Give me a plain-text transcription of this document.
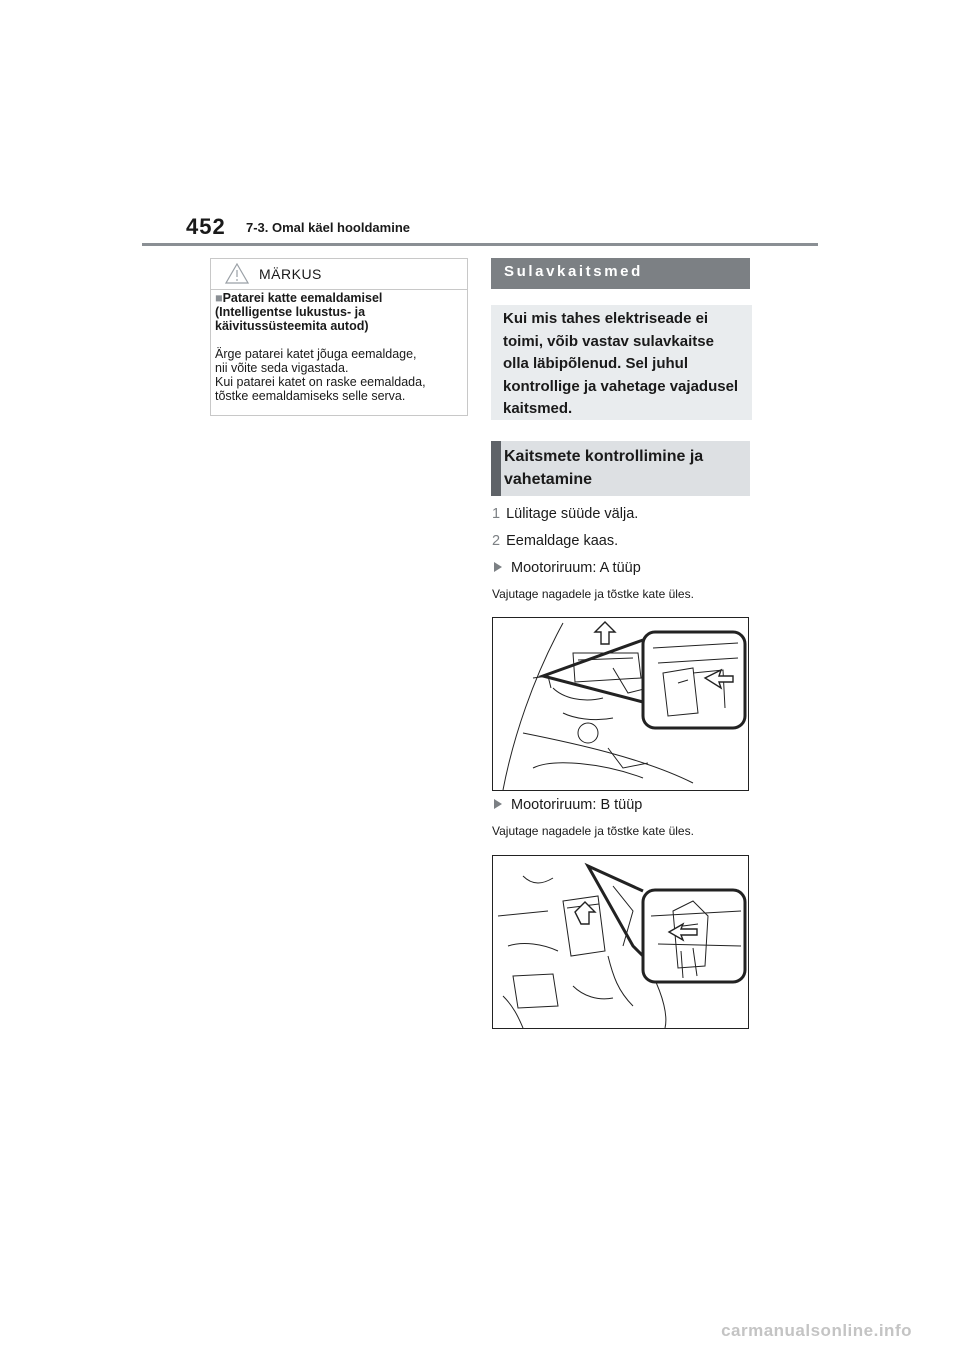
452 7-3. Omal käel hooldamine
MÄRKUS
■Patarei katte eemaldamisel (Intelligentse lukustus- ja käivitussüsteemita autod)
Ärge patarei katet jõuga eemaldage,
nii võite seda vigastada.
Kui patarei katet on raske eemaldada,
tõstke eemaldamiseks selle serva.
Sulavkaitsmed
Kui mis tahes elektriseade ei toimi, võib vastav sulavkaitse olla läbipõlenud. Sel juhul kontrollige ja vahetage vajadusel kaitsmed.
Kaitsmete kontrollimine ja vahetamine
1 Lülitage süüde välja.
2 Eemaldage kaas.
Mootoriruum: A tüüp
Vajutage nagadele ja tõstke kate üles.
Mootoriruum: B tüüp
Vajutage nagadele ja tõstke kate üles.
carmanualsonline.info
